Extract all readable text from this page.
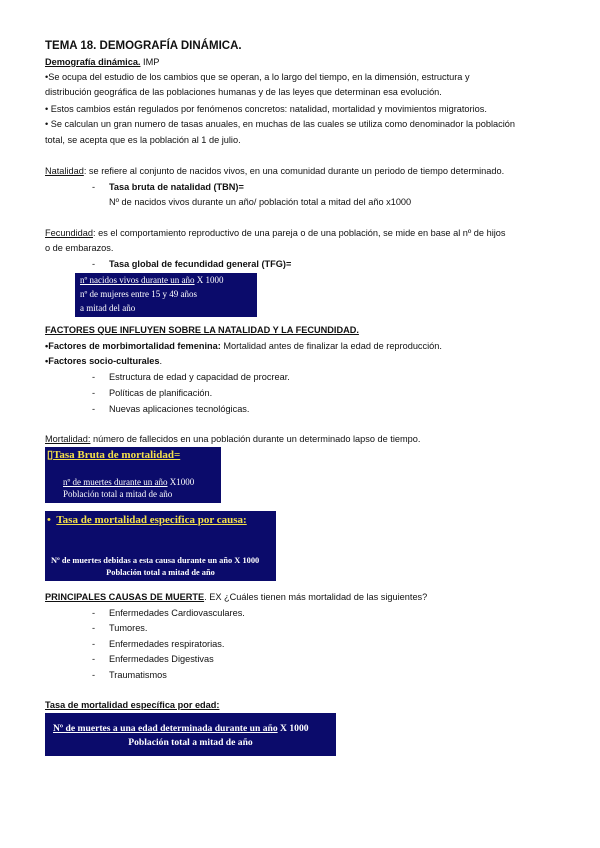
TEMA 18. DEMOGRAFÍA DINÁMICA.
Demografía dinámica. IMP
•Se ocupa del estudio de los cambios que se operan, a lo largo del tiempo, en la dimensión, estructura y
distribución geográfica de las poblaciones humanas y de las leyes que determinan esa evolución.
• Estos cambios están regulados por fenómenos concretos: natalidad, mortalidad y movimientos migratorios.
• Se calculan un gran numero de tasas anuales, en muchas de las cuales se utiliza como denominador la población
total, se acepta que es la población al 1 de julio.
Natalidad: se refiere al conjunto de nacidos vivos, en una comunidad durante un periodo de tiempo determinado.
- Tasa bruta de natalidad (TBN)=
Nº de nacidos vivos durante un año/ población total a mitad del año x1000
Fecundidad: es el comportamiento reproductivo de una pareja o de una población, se mide en base al nº de hijos
o de embarazos.
- Tasa global de fecundidad general (TFG)=
nº nacidos vivos durante un año X 1000
nº de mujeres entre 15 y 49 años
a mitad del año
FACTORES QUE INFLUYEN SOBRE LA NATALIDAD Y LA FECUNDIDAD.
•Factores de morbimortalidad femenina: Mortalidad antes de finalizar la edad de reproducción.
•Factores socio-culturales.
- Estructura de edad y capacidad de procrear.
- Políticas de planificación.
- Nuevas aplicaciones tecnológicas.
Mortalidad: número de fallecidos en una población durante un determinado lapso de tiempo.
▯Tasa Bruta de mortalidad=
nº de muertes durante un año X1000
Población total a mitad de año
• Tasa de mortalidad especifica por causa:
Nº de muertes debidas a esta causa durante un año X 1000
Población total a mitad de año
PRINCIPALES CAUSAS DE MUERTE. EX ¿Cuáles tienen más mortalidad de las siguientes?
- Enfermedades Cardiovasculares.
- Tumores.
- Enfermedades respiratorias.
- Enfermedades Digestivas
- Traumatismos
Tasa de mortalidad específica por edad:
Nº de muertes a una edad determinada durante un año X 1000
Población total a mitad de año
